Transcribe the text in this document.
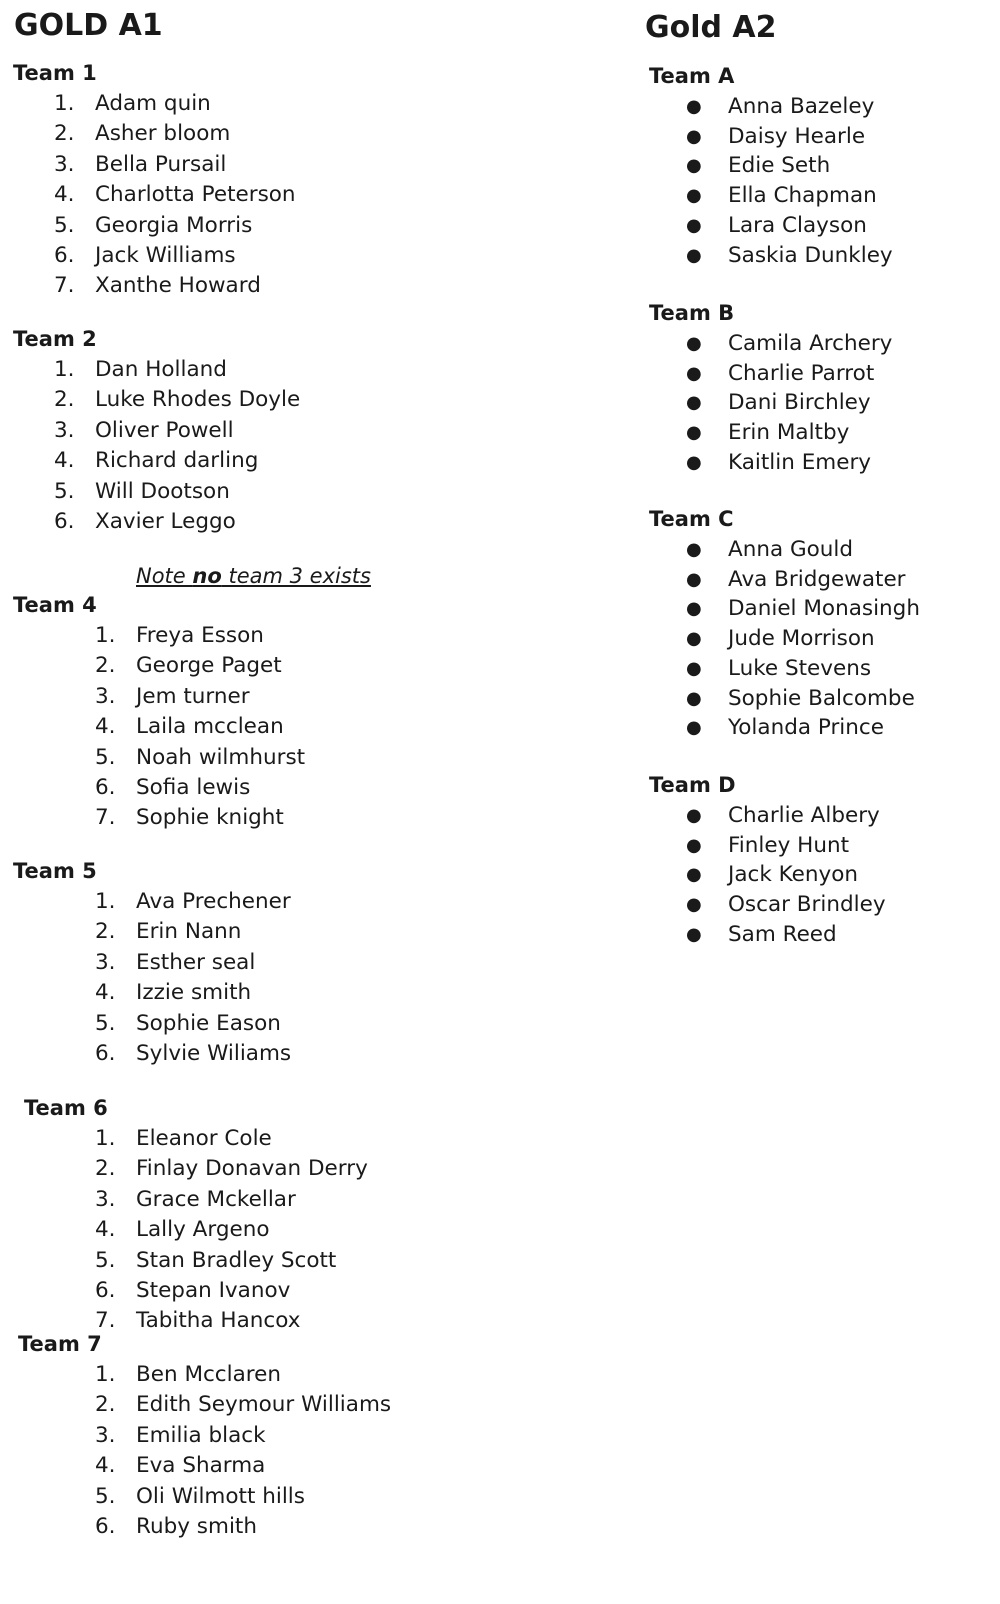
GOLD A1
Team 1
Team 2
Note no team 3 exists
Team 4
Team 5
Team 6
Team 7
Gold A2
Team A
Team B
Team C
Team D
1. Adam quin
2. Asher bloom
3. Bella Pursail
4. Charlotta Peterson
5. Georgia Morris
6. Jack Williams
7. Xanthe Howard
1. Dan Holland
2. Luke Rhodes Doyle
3. Oliver Powell
4. Richard darling
5. Will Dootson
6. Xavier Leggo
1. Freya Esson
2. George Paget
3. Jem turner
4. Laila mcclean
5. Noah wilmhurst
6. Sofia lewis
7. Sophie knight
1. Ava Prechener
2. Erin Nann
3. Esther seal
4. Izzie smith
5. Sophie Eason
6. Sylvie Wiliams
1. Eleanor Cole
2. Finlay Donavan Derry
3. Grace Mckellar
4. Lally Argeno
5. Stan Bradley Scott
6. Stepan Ivanov
7. Tabitha Hancox
1. Ben Mcclaren
2. Edith Seymour Williams
3. Emilia black
4. Eva Sharma
5. Oli Wilmott hills
6. Ruby smith
● Anna Bazeley
● Daisy Hearle
● Edie Seth
● Ella Chapman
● Lara Clayson
● Saskia Dunkley
● Camila Archery
● Charlie Parrot
● Dani Birchley
● Erin Maltby
● Kaitlin Emery
● Anna Gould
● Ava Bridgewater
● Daniel Monasingh
● Jude Morrison
● Luke Stevens
● Sophie Balcombe
● Yolanda Prince
● Charlie Albery
● Finley Hunt
● Jack Kenyon
● Oscar Brindley
● Sam Reed
